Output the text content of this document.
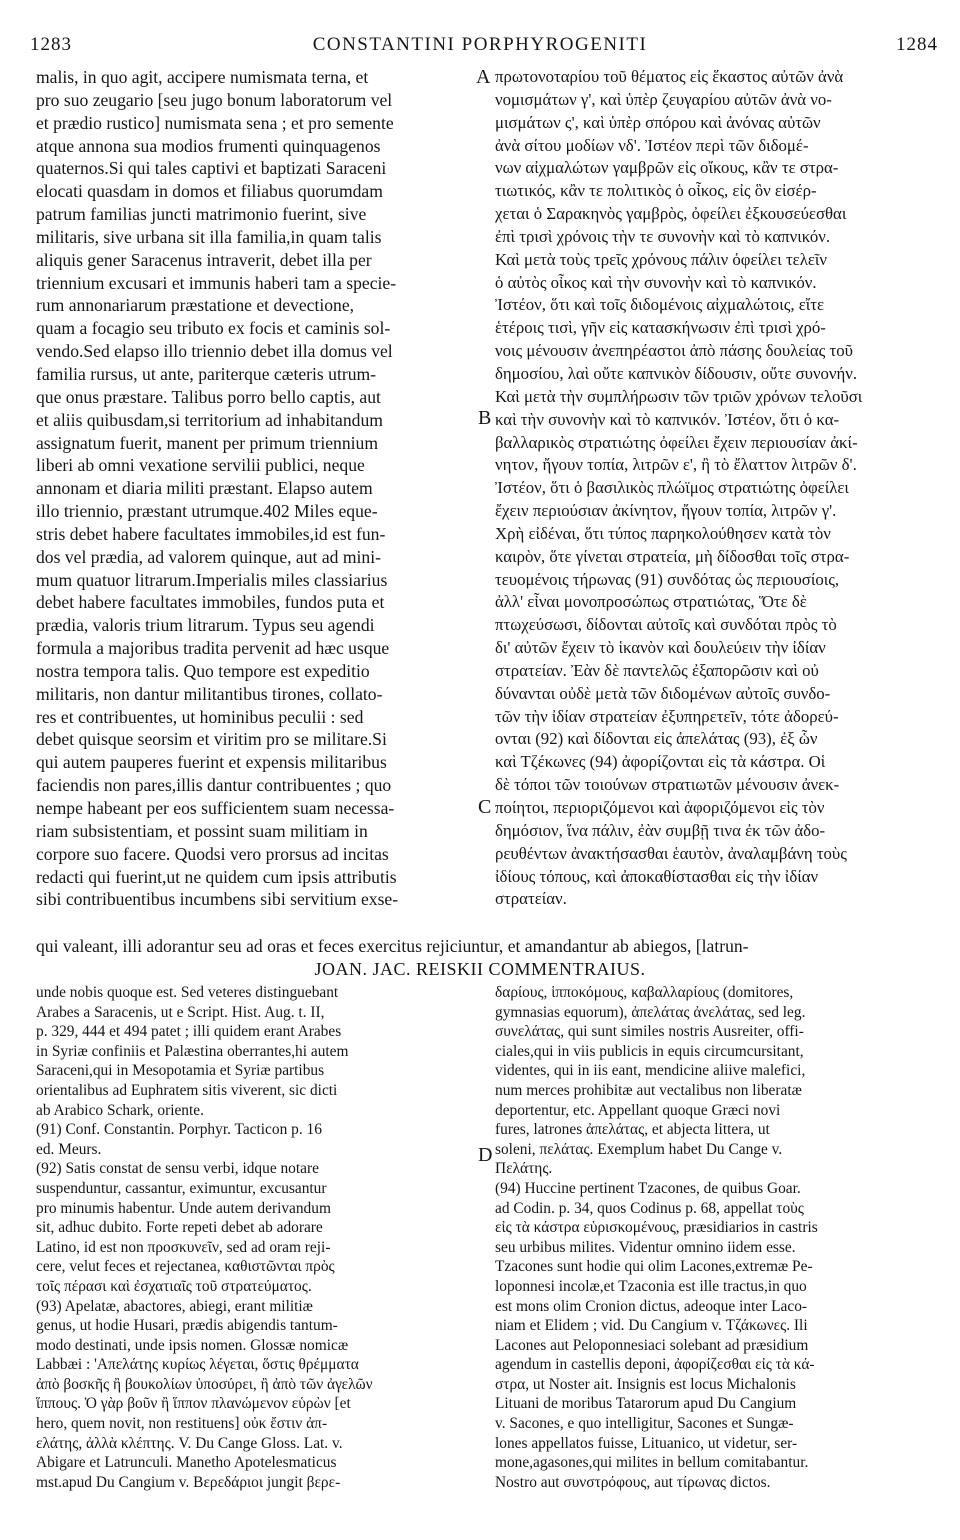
1283	CONSTANTINI PORPHYROGENITI	1284

malis, in quo agit, accipere numismata terna, et

pro suo zeugario [seu jugo bonum laboratorum vel

et prædio rustico] numismata sena ; et pro semente

atque annona sua modios frumenti quinquagenos

quaternos.Si qui tales captivi et baptizati Saraceni

elocati quasdam in domos et filiabus quorumdam

patrum familias juncti matrimonio fuerint, sive

militaris, sive urbana sit illa familia,in quam talis

aliquis gener Saracenus intraverit, debet illa per

triennium excusari et immunis haberi tam a specie-

rum annonariarum præstatione et devectione,

quam a focagio seu tributo ex focis et caminis sol-

vendo.Sed elapso illo triennio debet illa domus vel

familia rursus, ut ante, pariterque cæteris utrum-

que onus præstare. Talibus porro bello captis, aut

et aliis quibusdam,si territorium ad inhabitandum

assignatum fuerit, manent per primum triennium

liberi ab omni vexatione servilii publici, neque

annonam et diaria militi præstant. Elapso autem

illo triennio, præstant utrumque.402 Miles eque-

stris debet habere facultates immobiles,id est fun-

dos vel prædia, ad valorem quinque, aut ad mini-

mum quatuor litrarum.Imperialis miles classiarius

debet habere facultates immobiles, fundos puta et

prædia, valoris trium litrarum. Typus seu agendi

formula a majoribus tradita pervenit ad hæc usque

nostra tempora talis. Quo tempore est expeditio

militaris, non dantur militantibus tirones, collato-

res et contribuentes, ut hominibus peculii : sed

debet quisque seorsim et viritim pro se militare.Si

qui autem pauperes fuerint et expensis militaribus

faciendis non pares,illis dantur contribuentes ; quo

nempe habeant per eos sufficientem suam necessa-

riam subsistentiam, et possint suam militiam in

corpore suo facere. Quodsi vero prorsus ad incitas

redacti qui fuerint,ut ne quidem cum ipsis attributis

sibi contribuentibus incumbens sibi servitium exse-

πρωτονοταρίου τοῦ θέματος εἰς ἕκαστος αὐτῶν ἀνὰ

νομισμάτων γ', καὶ ὑπὲρ ζευγαρίου αὐτῶν ἀνὰ νο-

μισμάτων ς', καὶ ὑπὲρ σπόρου καὶ ἀνόνας αὐτῶν

ἀνὰ σίτου μοδίων νδ'. Ἰστέον περὶ τῶν διδομέ-

νων αἰχμαλώτων γαμβρῶν εἰς οἴκους, κἂν τε στρα-

τιωτικός, κἂν τε πολιτικὸς ὁ οἶκος, εἰς ὃν εἰσέρ-

χεται ὁ Σαρακηνὸς γαμβρὸς, ὀφείλει ἐξκουσεύεσθαι

ἐπὶ τρισὶ χρόνοις τὴν τε συνονὴν καὶ τὸ καπνικόν.

Καὶ μετὰ τοὺς τρεῖς χρόνους πάλιν ὀφείλει τελεῖν

ὁ αὐτὸς οἶκος καὶ τὴν συνονὴν καὶ τὸ καπνικόν.

Ἰστέον, ὅτι καὶ τοῖς διδομένοις αἰχμαλώτοις, εἴτε

ἑτέροις τισὶ, γῆν εἰς κατασκήνωσιν ἐπὶ τρισὶ χρό-

νοις μένουσιν ἀνεπηρέαστοι ἀπὸ πάσης δουλείας τοῦ

δημοσίου, λαὶ οὔτε καπνικὸν δίδουσιν, οὔτε συνονήν.

Καὶ μετὰ τὴν συμπλήρωσιν τῶν τριῶν χρόνων τελοῦσι

καὶ τὴν συνονὴν καὶ τὸ καπνικόν. Ἰστέον, ὅτι ὁ κα-

βαλλαρικὸς στρατιώτης ὀφείλει ἔχειν περιουσίαν ἀκί-

νητον, ἤγουν τοπία, λιτρῶν ε', ἢ τὸ ἔλαττον λιτρῶν δ'.

Ἰστέον, ὅτι ὁ βασιλικὸς πλώϊμος στρατιώτης ὀφείλει

ἔχειν περιούσιαν ἀκίνητον, ἤγουν τοπία, λιτρῶν γ'.

Χρὴ εἰδέναι, ὅτι τύπος παρηκολούθησεν κατὰ τὸν

καιρὸν, ὅτε γίνεται στρατεία, μὴ δίδοσθαι τοῖς στρα-

τευομένοις τήρωνας (91) συνδότας ὡς περιουσίοις,

ἀλλ' εἶναι μονοπροσώπως στρατιώτας, Ὅτε δὲ

πτωχεύσωσι, δίδονται αὐτοῖς καὶ συνδόται πρὸς τὸ

δι' αὐτῶν ἔχειν τὸ ἱκανὸν καὶ δουλεύειν τὴν ἰδίαν

στρατείαν. Ἐὰν δὲ παντελῶς ἐξαπορῶσιν καὶ οὐ

δύνανται οὐδὲ μετὰ τῶν διδομένων αὐτοῖς συνδο-

τῶν τὴν ἰδίαν στρατείαν ἐξυπηρετεῖν, τότε ἀδορεύ-

ονται (92) καὶ δίδονται εἰς ἀπελάτας (93), ἐξ ὧν

καὶ Τζέκωνες (94) ἀφορίζονται εἰς τὰ κάστρα. Οἱ

δὲ τόποι τῶν τοιούνων στρατιωτῶν μένουσιν ἀνεκ-

ποίητοι, περιοριζόμενοι καὶ ἀφοριζόμενοι εἰς τὸν

δημόσιον, ἵνα πάλιν, ἐὰν συμβῇ τινα ἐκ τῶν ἀδο-

ρευθέντων ἀνακτήσασθαι ἑαυτὸν, ἀναλαμβάνη τοὺς

ἰδίους τόπους, καὶ ἀποκαθίστασθαι εἰς τὴν ἰδίαν

στρατείαν.

A
B
C
D
qui valeant, illi adorantur seu ad oras et feces exercitus rejiciuntur, et amandantur ab abiegos, [latrun-
JOAN. JAC. REISKII COMMENTRAIUS.

unde nobis quoque est. Sed veteres distinguebant

Arabes a Saracenis, ut e Script. Hist. Aug. t. II,

p. 329, 444 et 494 patet ; illi quidem erant Arabes

in Syriæ confiniis et Palæstina oberrantes,hi autem

Saraceni,qui in Mesopotamia et Syriæ partibus

orientalibus ad Euphratem sitis viverent, sic dicti

ab Arabico Schark, oriente.

(91) Conf. Constantin. Porphyr. Tacticon p. 16

ed. Meurs.

(92) Satis constat de sensu verbi, idque notare

suspenduntur, cassantur, eximuntur, excusantur

pro minumis habentur. Unde autem derivandum

sit, adhuc dubito. Forte repeti debet ab adorare

Latino, id est non προσκυνεῖν, sed ad oram reji-

cere, velut feces et rejectanea, καθιστῶνται πρὸς

τοῖς πέρασι καὶ ἐσχατιαῖς τοῦ στρατεύματος.

(93) Apelatæ, abactores, abiegi, erant militiæ

genus, ut hodie Husari, prædis abigendis tantum-

modo destinati, unde ipsis nomen. Glossæ nomicæ

Labbæi : 'Απελάτης κυρίως λέγεται, ὅστις θρέμματα

ἀπὸ βοσκῆς ἢ βουκολίων ὑποσύρει, ἢ ἀπὸ τῶν ἀγελῶν

ἵππους. Ὁ γὰρ βοῦν ἢ ἵππον πλανώμενον εὑρὼν [et

hero, quem novit, non restituens] οὐκ ἔστιν ἀπ-

ελάτης, ἀλλὰ κλέπτης. V. Du Cange Gloss. Lat. v.

Abigare et Latrunculi. Manetho Apotelesmaticus

mst.apud Du Cangium v. Βερεδάριοι jungit βερε-

δαρίους, ἱπποκόμους, καβαλλαρίους (domitores,

gymnasias equorum), ἀπελάτας ἀνελάτας, sed leg.

συνελάτας, qui sunt similes nostris Ausreiter, offi-

ciales,qui in viis publicis in equis circumcursitant,

videntes, qui in iis eant, mendicine aliive malefici,

num merces prohibitæ aut vectalibus non liberatæ

deportentur, etc. Appellant quoque Græci novi

fures, latrones ἀπελάτας, et abjecta littera, ut

soleni, πελάτας. Exemplum habet Du Cange v.

Πελάτης.

(94) Huccine pertinent Tzacones, de quibus Goar.

ad Codin. p. 34, quos Codinus p. 68, appellat τοὺς

εἰς τὰ κάστρα εὑρισκομένους, præsidiarios in castris

seu urbibus milites. Videntur omnino iidem esse.

Tzacones sunt hodie qui olim Lacones,extremæ Pe-

loponnesi incolæ,et Tzaconia est ille tractus,in quo

est mons olim Cronion dictus, adeoque inter Laco-

niam et Elidem ; vid. Du Cangium v. Τζάκωνες. Ili

Lacones aut Peloponnesiaci solebant ad præsidium

agendum in castellis deponi, ἀφορίζεσθαι εἰς τὰ κά-

στρα, ut Noster ait. Insignis est locus Michalonis

Lituani de moribus Tatarorum apud Du Cangium

v. Sacones, e quo intelligitur, Sacones et Sungæ-

lones appellatos fuisse, Lituanico, ut videtur, ser-

mone,agasones,qui milites in bellum comitabantur.

Nostro aut συνστρόφους, aut τίρωνας dictos.
